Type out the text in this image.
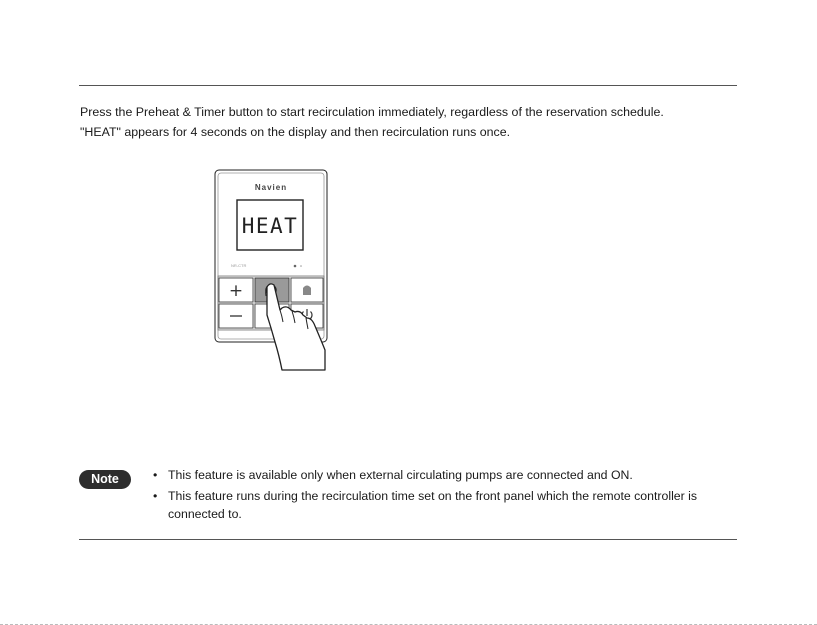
Press the Preheat & Timer button to start recirculation immediately, regardless of the reservation schedule.

"HEAT" appears for 4 seconds on the display and then recirculation runs once.

Navien
HEAT
NR-CTR
+
Note	• This feature is available only when external circulating pumps are connected and ON.
• This feature runs during the recirculation time set on the front panel which the remote controller is connected to.
